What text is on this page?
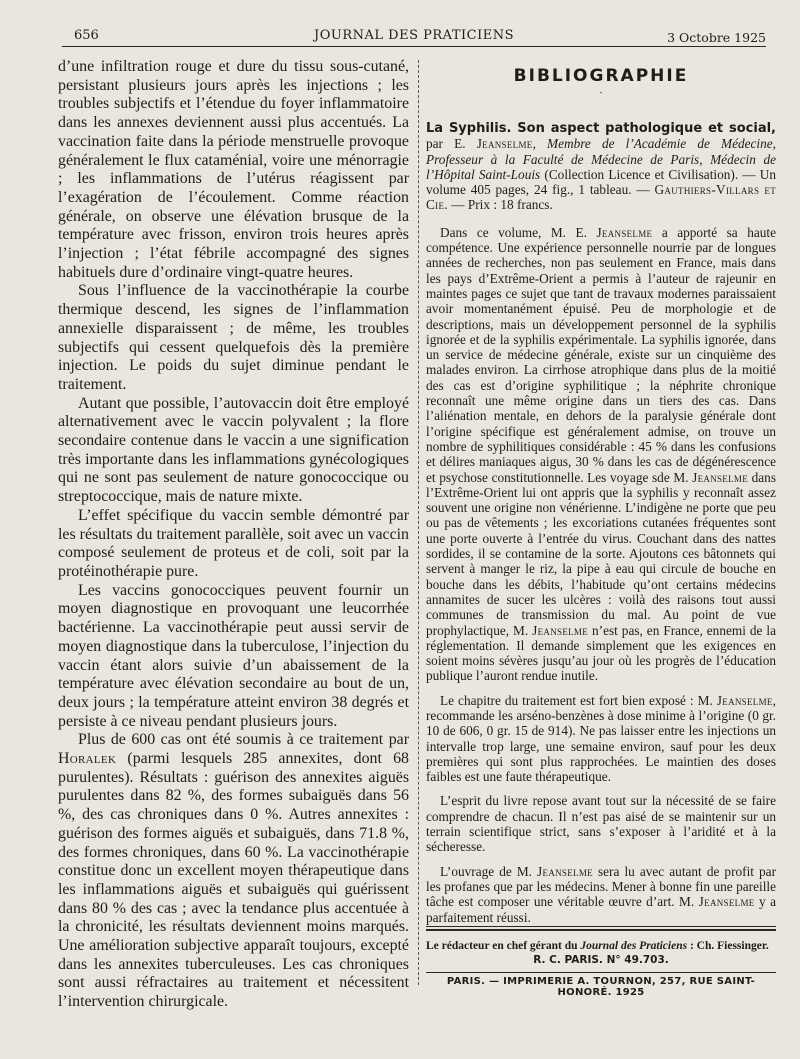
656	JOURNAL DES PRATICIENS	3 Octobre 1925

d’une infiltration rouge et dure du tissu sous-cutané, persistant plusieurs jours après les injections ; les troubles subjectifs et l’étendue du foyer inflammatoire dans les annexes deviennent aussi plus accentués. La vaccination faite dans la période menstruelle provoque généralement le flux cataménial, voire une ménorragie ; les inflammations de l’utérus réagissent par l’exagération de l’écoulement. Comme réaction générale, on observe une élévation brusque de la température avec frisson, environ trois heures après l’injection ; l’état fébrile accompagné des signes habituels dure d’ordinaire vingt-quatre heures.

Sous l’influence de la vaccinothérapie la courbe thermique descend, les signes de l’inflammation annexielle disparaissent ; de même, les troubles subjectifs qui cessent quelquefois dès la première injection. Le poids du sujet diminue pendant le traitement.

Autant que possible, l’autovaccin doit être employé alternativement avec le vaccin polyvalent ; la flore secondaire contenue dans le vaccin a une signification très importante dans les inflammations gynécologiques qui ne sont pas seulement de nature gonococcique ou streptococcique, mais de nature mixte.

L’effet spécifique du vaccin semble démontré par les résultats du traitement parallèle, soit avec un vaccin composé seulement de proteus et de coli, soit par la protéinothérapie pure.

Les vaccins gonococciques peuvent fournir un moyen diagnostique en provoquant une leucorrhée bactérienne. La vaccinothérapie peut aussi servir de moyen diagnostique dans la tuberculose, l’injection du vaccin étant alors suivie d’un abaissement de la température avec élévation secondaire au bout de un, deux jours ; la température atteint environ 38 degrés et persiste à ce niveau pendant plusieurs jours.

Plus de 600 cas ont été soumis à ce traitement par Horalek (parmi lesquels 285 annexites, dont 68 purulentes). Résultats : guérison des annexites aiguës purulentes dans 82 %, des formes subaiguës dans 56 %, des cas chroniques dans 0 %. Autres annexites : guérison des formes aiguës et subaiguës, dans 71.8 %, des formes chroniques, dans 60 %. La vaccinothérapie constitue donc un excellent moyen thérapeutique dans les inflammations aiguës et subaiguës qui guérissent dans 80 % des cas ; avec la tendance plus accentuée à la chronicité, les résultats deviennent moins marqués. Une amélioration subjective apparaît toujours, excepté dans les annexites tuberculeuses. Les cas chroniques sont aussi réfractaires au traitement et nécessitent l’intervention chirurgicale.

BIBLIOGRAPHIE
‑
La Syphilis. Son aspect pathologique et social, par E. Jeanselme, Membre de l’Académie de Médecine, Professeur à la Faculté de Médecine de Paris, Médecin de l’Hôpital Saint-Louis (Collection Licence et Civilisation). — Un volume 405 pages, 24 fig., 1 tableau. — Gauthiers-Villars et Cie. — Prix : 18 francs.

Dans ce volume, M. E. Jeanselme a apporté sa haute compétence. Une expérience personnelle nourrie par de longues années de recherches, non pas seulement en France, mais dans les pays d’Extrême-Orient a permis à l’auteur de rajeunir en maintes pages ce sujet que tant de travaux modernes paraissaient avoir momentanément épuisé. Peu de morphologie et de descriptions, mais un développement personnel de la syphilis ignorée et de la syphilis expérimentale. La syphilis ignorée, dans un service de médecine générale, existe sur un cinquième des malades environ. La cirrhose atrophique dans plus de la moitié des cas est d’origine syphilitique ; la néphrite chronique reconnaît une même origine dans un tiers des cas. Dans l’aliénation mentale, en dehors de la paralysie générale dont l’origine spécifique est généralement admise, on trouve un nombre de syphilitiques considérable : 45 % dans les confusions et délires maniaques aigus, 30 % dans les cas de dégénérescence et psychose constitutionnelle. Les voyage sde M. Jeanselme dans l’Extrême-Orient lui ont appris que la syphilis y reconnaît assez souvent une origine non vénérienne. L’indigène ne porte que peu ou pas de vêtements ; les excoriations cutanées fréquentes sont une porte ouverte à l’entrée du virus. Couchant dans des nattes sordides, il se contamine de la sorte. Ajoutons ces bâtonnets qui servent à manger le riz, la pipe à eau qui circule de bouche en bouche dans les débits, l’habitude qu’ont certains médecins annamites de sucer les ulcères : voilà des raisons tout aussi communes de transmission du mal. Au point de vue prophylactique, M. Jeanselme n’est pas, en France, ennemi de la réglementation. Il demande simplement que les exigences en soient moins sévères jusqu’au jour où les progrès de l’éducation publique l’auront rendue inutile.

Le chapitre du traitement est fort bien exposé : M. Jeanselme, recommande les arséno-benzènes à dose minime à l’origine (0 gr. 10 de 606, 0 gr. 15 de 914). Ne pas laisser entre les injections un intervalle trop large, une semaine environ, sauf pour les deux premières qui sont plus rapprochées. Le maintien des doses faibles est une faute thérapeutique.

L’esprit du livre repose avant tout sur la nécessité de se faire comprendre de chacun. Il n’est pas aisé de se maintenir sur un terrain scientifique strict, sans s’exposer à l’aridité et à la sécheresse.

L’ouvrage de M. Jeanselme sera lu avec autant de profit par les profanes que par les médecins. Mener à bonne fin une pareille tâche est composer une véritable œuvre d’art. M. Jeanselme y a parfaitement réussi.

Le rédacteur en chef gérant du Journal des Praticiens : Ch. Fiessinger.
R. C. PARIS. N° 49.703.
PARIS. — IMPRIMERIE A. TOURNON, 257, RUE SAINT-HONORÉ. 1925
